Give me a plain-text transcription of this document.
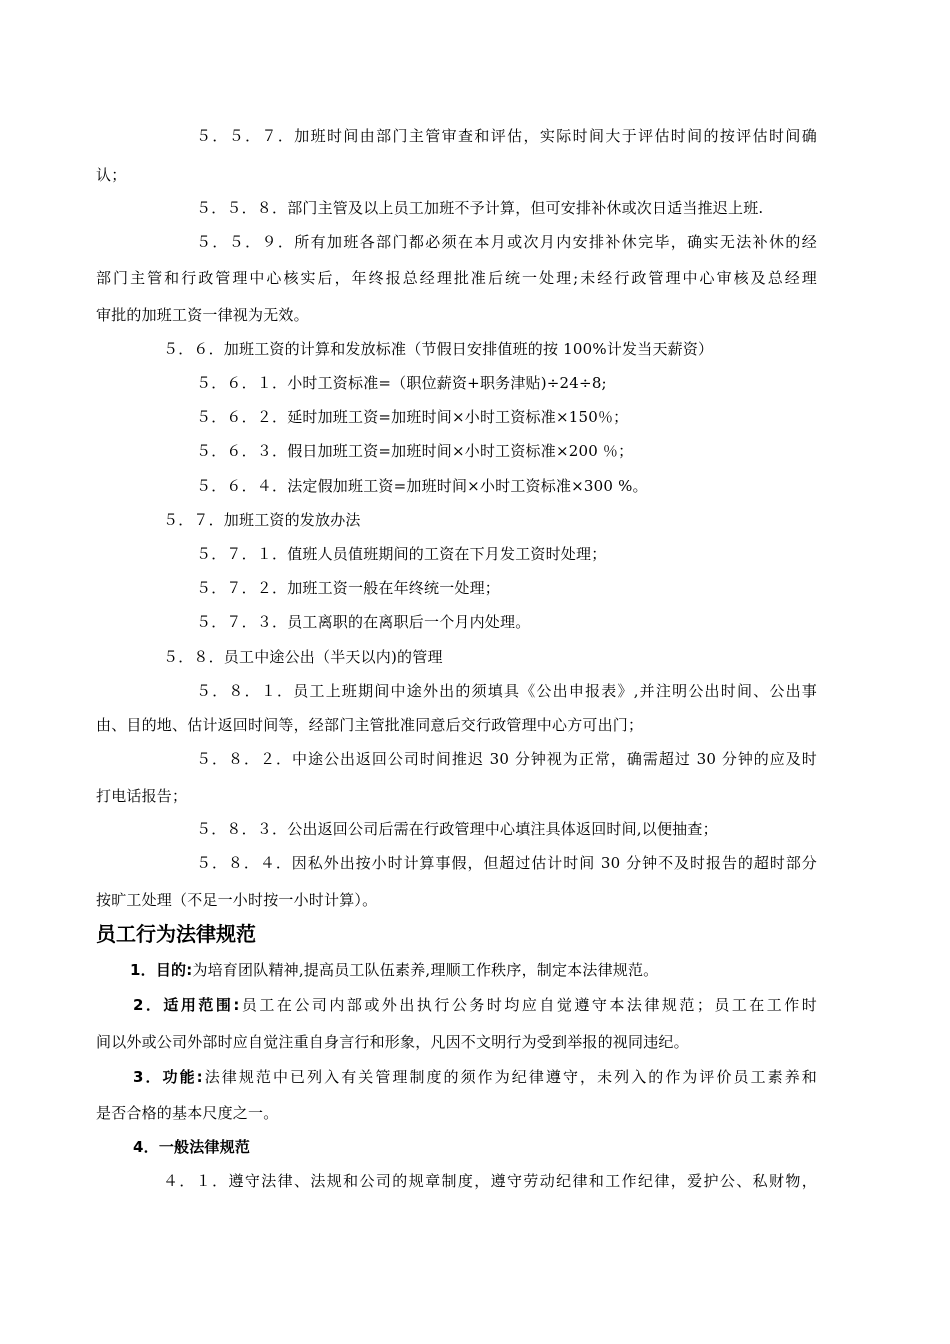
５．５．７．加班时间由部门主管审查和评估，实际时间大于评估时间的按评估时间确
认；
５．５．８．部门主管及以上员工加班不予计算，但可安排补休或次日适当推迟上班.
５．５．９．所有加班各部门都必须在本月或次月内安排补休完毕，确实无法补休的经
部门主管和行政管理中心核实后，年终报总经理批准后统一处理;未经行政管理中心审核及总经理
审批的加班工资一律视为无效。
５．６．加班工资的计算和发放标准（节假日安排值班的按 100%计发当天薪资）
５．６．１．小时工资标准=（职位薪资+职务津贴)÷24÷8;
５．６．２．延时加班工资=加班时间×小时工资标准×150％；
５．６．３．假日加班工资=加班时间×小时工资标准×200 ％；
５．６．４．法定假加班工资=加班时间×小时工资标准×300 %。
５．７．加班工资的发放办法
５．７．１．值班人员值班期间的工资在下月发工资时处理；
５．７．２．加班工资一般在年终统一处理；
５．７．３．员工离职的在离职后一个月内处理。
５．８．员工中途公出（半天以内)的管理
５．８．１．员工上班期间中途外出的须填具《公出申报表》,并注明公出时间、公出事
由、目的地、估计返回时间等，经部门主管批准同意后交行政管理中心方可出门；
５．８．２．中途公出返回公司时间推迟 30 分钟视为正常，确需超过 30 分钟的应及时
打电话报告；
５．８．３．公出返回公司后需在行政管理中心填注具体返回时间,以便抽查；
５．８．４．因私外出按小时计算事假，但超过估计时间 30 分钟不及时报告的超时部分
按旷工处理（不足一小时按一小时计算）。
员工行为法律规范
1．目的:为培育团队精神,提高员工队伍素养,理顺工作秩序，制定本法律规范。
2．适用范围:员工在公司内部或外出执行公务时均应自觉遵守本法律规范；员工在工作时
间以外或公司外部时应自觉注重自身言行和形象，凡因不文明行为受到举报的视同违纪。
3．功能:法律规范中已列入有关管理制度的须作为纪律遵守，未列入的作为评价员工素养和
是否合格的基本尺度之一。
4．一般法律规范
４．１．遵守法律、法规和公司的规章制度，遵守劳动纪律和工作纪律，爱护公、私财物，
